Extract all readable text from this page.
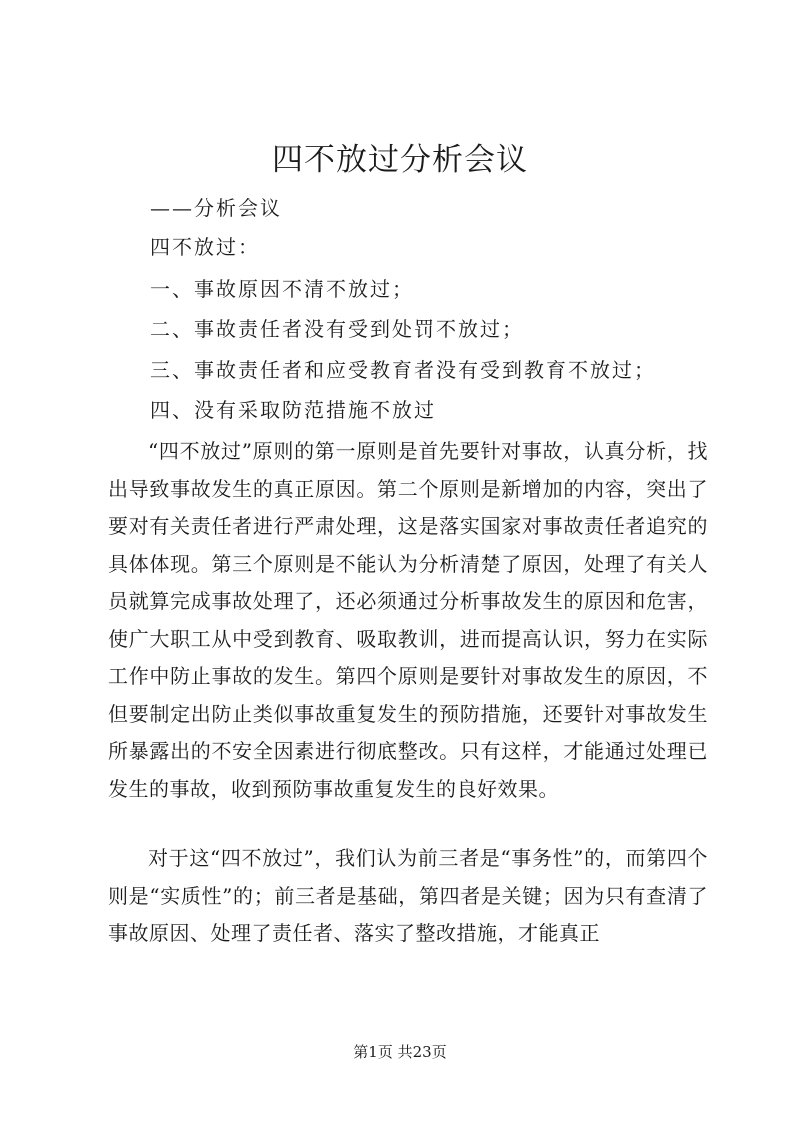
四不放过分析会议
——分析会议
四不放过：
一、事故原因不清不放过；
二、事故责任者没有受到处罚不放过；
三、事故责任者和应受教育者没有受到教育不放过；
四、没有采取防范措施不放过
“四不放过”原则的第一原则是首先要针对事故，认真分析，找出导致事故发生的真正原因。第二个原则是新增加的内容，突出了要对有关责任者进行严肃处理，这是落实国家对事故责任者追究的具体体现。第三个原则是不能认为分析清楚了原因，处理了有关人员就算完成事故处理了，还必须通过分析事故发生的原因和危害，使广大职工从中受到教育、吸取教训，进而提高认识，努力在实际工作中防止事故的发生。第四个原则是要针对事故发生的原因，不但要制定出防止类似事故重复发生的预防措施，还要针对事故发生所暴露出的不安全因素进行彻底整改。只有这样，才能通过处理已发生的事故，收到预防事故重复发生的良好效果。
对于这“四不放过”，我们认为前三者是“事务性”的，而第四个则是“实质性”的；前三者是基础，第四者是关键；因为只有查清了事故原因、处理了责任者、落实了整改措施，才能真正
第1页 共23页
